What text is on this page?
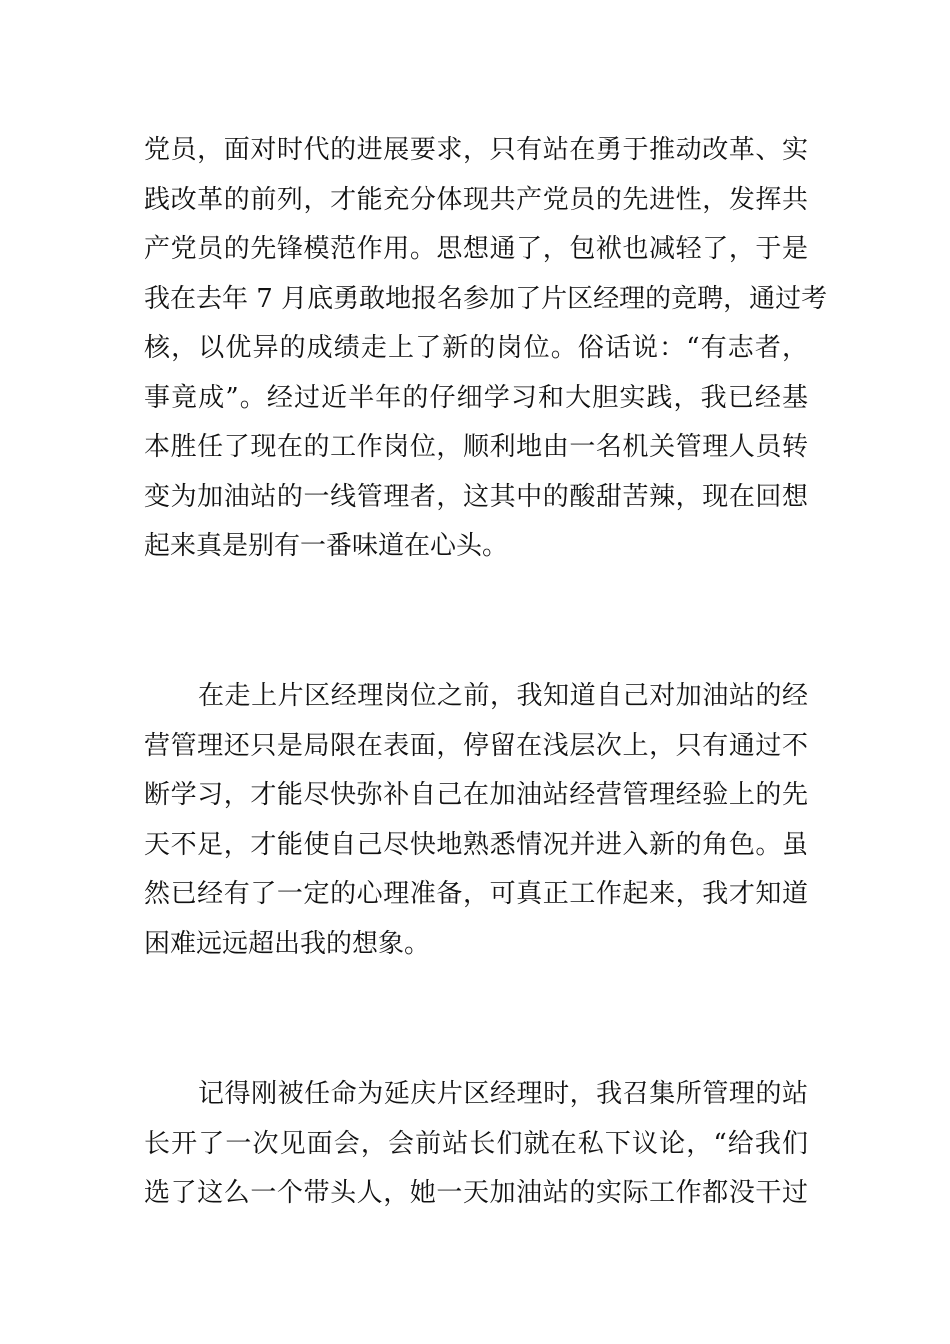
党员，面对时代的进展要求，只有站在勇于推动改革、实
践改革的前列，才能充分体现共产党员的先进性，发挥共
产党员的先锋模范作用。思想通了，包袱也减轻了，于是
我在去年 7 月底勇敢地报名参加了片区经理的竞聘，通过考
核，以优异的成绩走上了新的岗位。俗话说：“有志者，
事竟成”。经过近半年的仔细学习和大胆实践，我已经基
本胜任了现在的工作岗位，顺利地由一名机关管理人员转
变为加油站的一线管理者，这其中的酸甜苦辣，现在回想
起来真是别有一番味道在心头。
在走上片区经理岗位之前，我知道自己对加油站的经
营管理还只是局限在表面，停留在浅层次上，只有通过不
断学习，才能尽快弥补自己在加油站经营管理经验上的先
天不足，才能使自己尽快地熟悉情况并进入新的角色。虽
然已经有了一定的心理准备，可真正工作起来，我才知道
困难远远超出我的想象。
记得刚被任命为延庆片区经理时，我召集所管理的站
长开了一次见面会，会前站长们就在私下议论，“给我们
选了这么一个带头人，她一天加油站的实际工作都没干过
